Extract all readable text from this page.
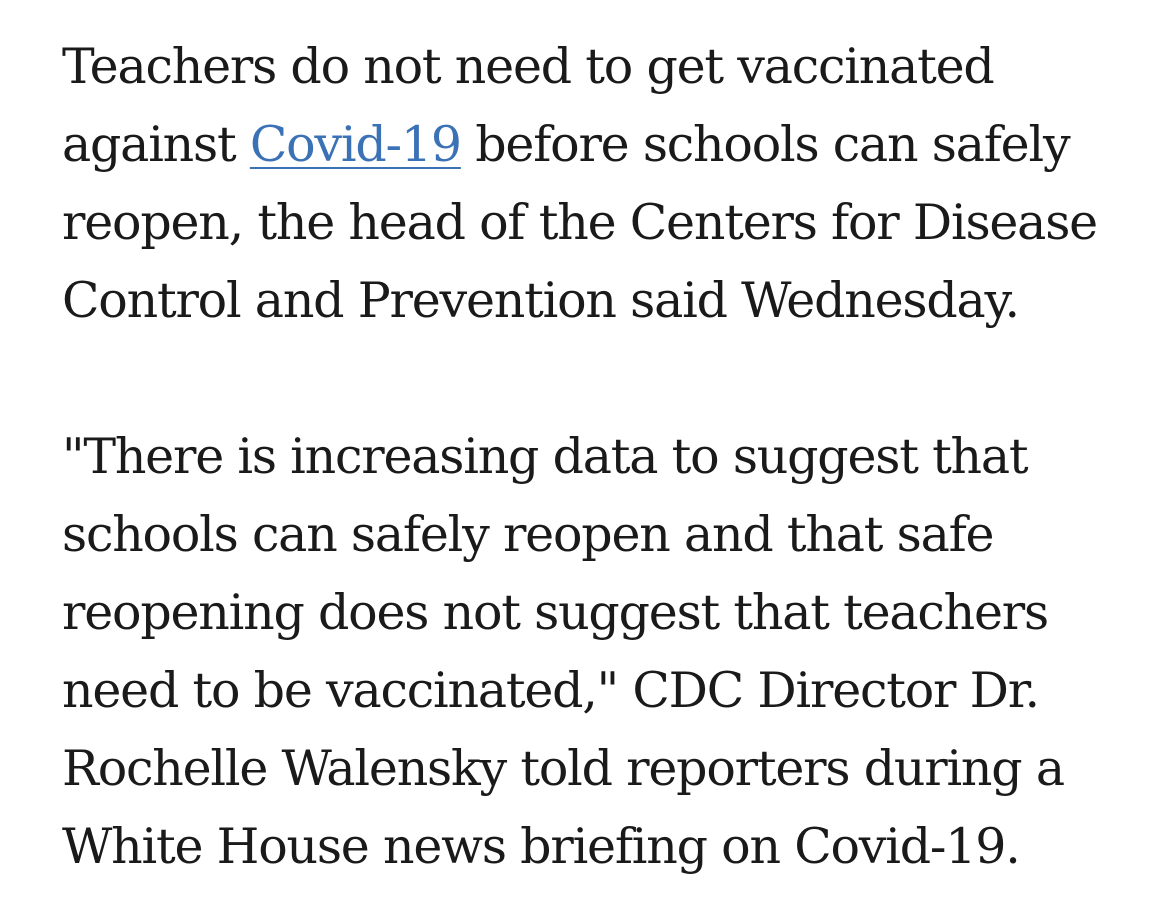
Teachers do not need to get vaccinated against Covid-19 before schools can safely reopen, the head of the Centers for Disease Control and Prevention said Wednesday.

"There is increasing data to suggest that schools can safely reopen and that safe reopening does not suggest that teachers need to be vaccinated," CDC Director Dr. Rochelle Walensky told reporters during a White House news briefing on Covid-19.
